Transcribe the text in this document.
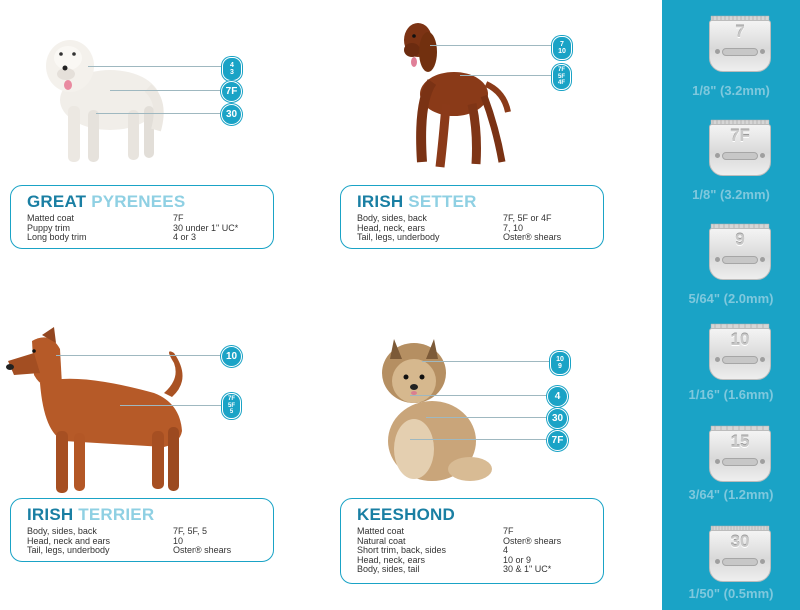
4
3
7F
30
GREAT PYRENEES
Matted coat	7F
Puppy trim	30 under 1" UC*
Long body trim	4 or 3
7
10
7F
5F
4F
IRISH SETTER
Body, sides, back	7F, 5F or 4F
Head, neck, ears	7, 10
Tail, legs, underbody	Oster® shears
10
7F
5F
5
IRISH TERRIER
Body, sides, back	7F, 5F, 5
Head, neck and ears	10
Tail, legs, underbody	Oster® shears
10
9
4
30
7F
KEESHOND
Matted coat	7F
Natural coat	Oster® shears
Short trim, back, sides	4
Head, neck, ears	10 or 9
Body, sides, tail	30 & 1" UC*
7
1/8" (3.2mm)
7F
1/8" (3.2mm)
9
5/64" (2.0mm)
10
1/16" (1.6mm)
15
3/64" (1.2mm)
30
1/50" (0.5mm)
